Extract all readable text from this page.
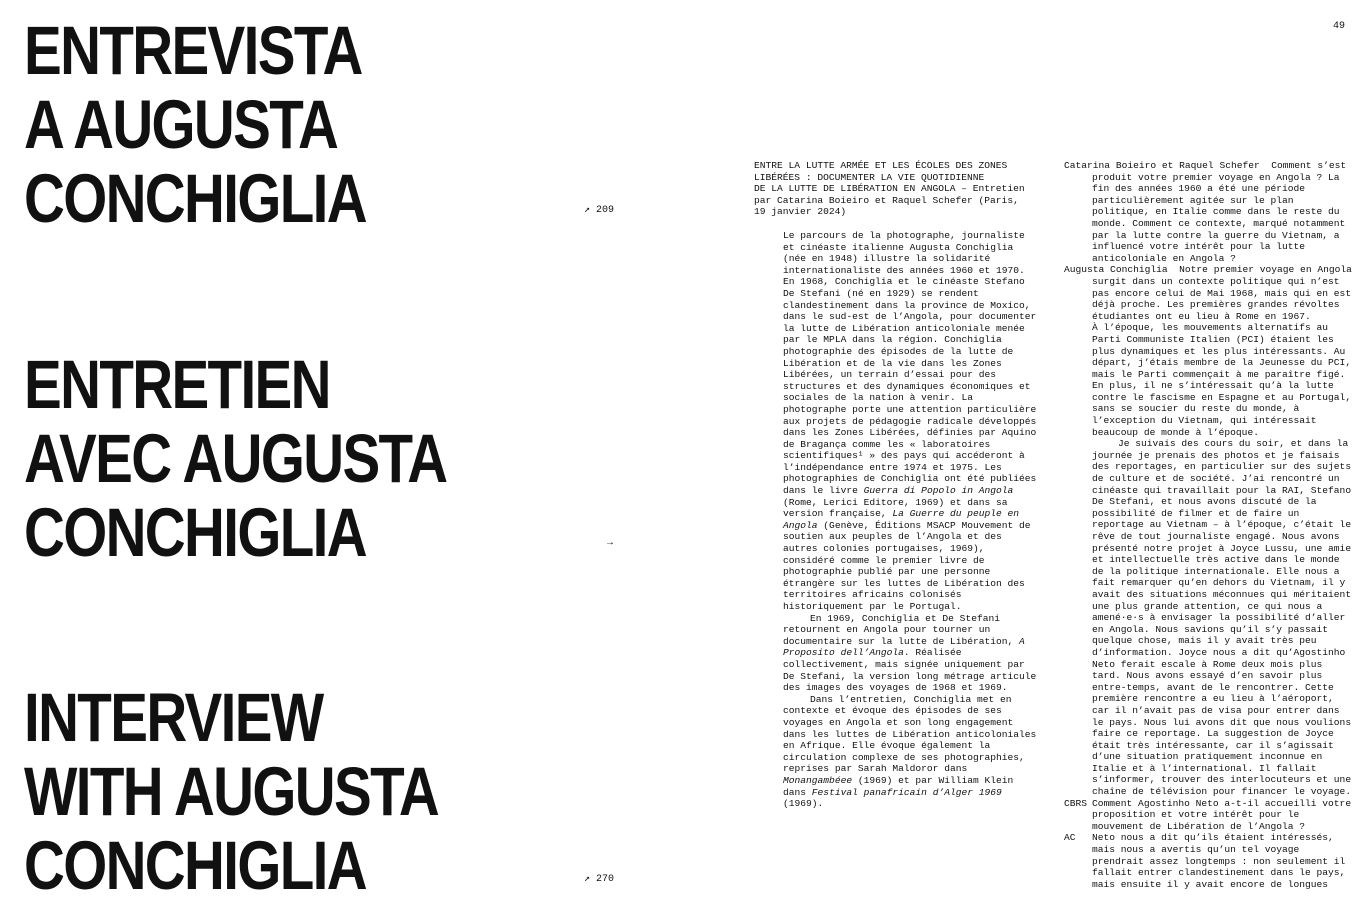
ENTREVISTA
A AUGUSTA
CONCHIGLIA	↗ 209
ENTRETIEN
AVEC AUGUSTA
CONCHIGLIA	→
INTERVIEW
WITH AUGUSTA
CONCHIGLIA	↗ 270
49
ENTRE LA LUTTE ARMÉE ET LES ÉCOLES DES ZONES
LIBÉRÉES : DOCUMENTER LA VIE QUOTIDIENNE
DE LA LUTTE DE LIBÉRATION EN ANGOLA – Entretien
par Catarina Boieiro et Raquel Schefer (Paris,
19 janvier 2024)

Le parcours de la photographe, journaliste et cinéaste italienne Augusta Conchiglia (née en 1948) illustre la solidarité internationaliste des années 1960 et 1970. En 1968, Conchiglia et le cinéaste Stefano De Stefani (né en 1929) se rendent clandestinement dans la province de Moxico, dans le sud-est de l’Angola, pour documenter la lutte de Libération anticoloniale menée par le MPLA dans la région. Conchiglia photographie des épisodes de la lutte de Libération et de la vie dans les Zones Libérées, un terrain d’essai pour des structures et des dynamiques économiques et sociales de la nation à venir. La photographe porte une attention particulière aux projets de pédagogie radicale développés dans les Zones Libérées, définies par Aquino de Bragança comme les « laboratoires scientifiques¹ » des pays qui accéderont à l’indépendance entre 1974 et 1975. Les photographies de Conchiglia ont été publiées dans le livre Guerra di Popolo in Angola (Rome, Lerici Editore, 1969) et dans sa version française, La Guerre du peuple en Angola (Genève, Éditions MSACP Mouvement de soutien aux peuples de l’Angola et des autres colonies portugaises, 1969), considéré comme le premier livre de photographie publié par une personne étrangère sur les luttes de Libération des territoires africains colonisés historiquement par le Portugal.

En 1969, Conchiglia et De Stefani retournent en Angola pour tourner un documentaire sur la lutte de Libération, A Proposito dell’Angola. Réalisée collectivement, mais signée uniquement par De Stefani, la version long métrage articule des images des voyages de 1968 et 1969.

Dans l’entretien, Conchiglia met en contexte et évoque des épisodes de ses voyages en Angola et son long engagement dans les luttes de Libération anticoloniales en Afrique. Elle évoque également la circulation complexe de ses photographies, reprises par Sarah Maldoror dans Monangambéee (1969) et par William Klein dans Festival panafricain d’Alger 1969 (1969).

Catarina Boieiro et Raquel Schefer Comment s’est produit votre premier voyage en Angola ? La fin des années 1960 a été une période particulièrement agitée sur le plan politique, en Italie comme dans le reste du monde. Comment ce contexte, marqué notamment par la lutte contre la guerre du Vietnam, a influencé votre intérêt pour la lutte anticoloniale en Angola ?

Augusta Conchiglia Notre premier voyage en Angola surgit dans un contexte politique qui n’est pas encore celui de Mai 1968, mais qui en est déjà proche. Les premières grandes révoltes étudiantes ont eu lieu à Rome en 1967.

À l’époque, les mouvements alternatifs au Parti Communiste Italien (PCI) étaient les plus dynamiques et les plus intéressants. Au départ, j’étais membre de la Jeunesse du PCI, mais le Parti commençait à me paraître figé. En plus, il ne s’intéressait qu’à la lutte contre le fascisme en Espagne et au Portugal, sans se soucier du reste du monde, à l’exception du Vietnam, qui intéressait beaucoup de monde à l’époque.

Je suivais des cours du soir, et dans la journée je prenais des photos et je faisais des reportages, en particulier sur des sujets de culture et de société. J’ai rencontré un cinéaste qui travaillait pour la RAI, Stefano De Stefani, et nous avons discuté de la possibilité de filmer et de faire un reportage au Vietnam – à l’époque, c’était le rêve de tout journaliste engagé. Nous avons présenté notre projet à Joyce Lussu, une amie et intellectuelle très active dans le monde de la politique internationale. Elle nous a fait remarquer qu’en dehors du Vietnam, il y avait des situations méconnues qui méritaient une plus grande attention, ce qui nous a amené·e·s à envisager la possibilité d’aller en Angola. Nous savions qu’il s’y passait quelque chose, mais il y avait très peu d’information. Joyce nous a dit qu’Agostinho Neto ferait escale à Rome deux mois plus tard. Nous avons essayé d’en savoir plus entre-temps, avant de le rencontrer. Cette première rencontre a eu lieu à l’aéroport, car il n’avait pas de visa pour entrer dans le pays. Nous lui avons dit que nous voulions faire ce reportage. La suggestion de Joyce était très intéressante, car il s’agissait d’une situation pratiquement inconnue en Italie et à l’international. Il fallait s’informer, trouver des interlocuteurs et une chaîne de télévision pour financer le voyage.

CBRS Comment Agostinho Neto a-t-il accueilli votre proposition et votre intérêt pour le mouvement de Libération de l’Angola ?

AC	Neto nous a dit qu’ils étaient intéressés, mais nous a avertis qu’un tel voyage prendrait assez longtemps : non seulement il fallait entrer clandestinement dans le pays, mais ensuite il y avait encore de longues
